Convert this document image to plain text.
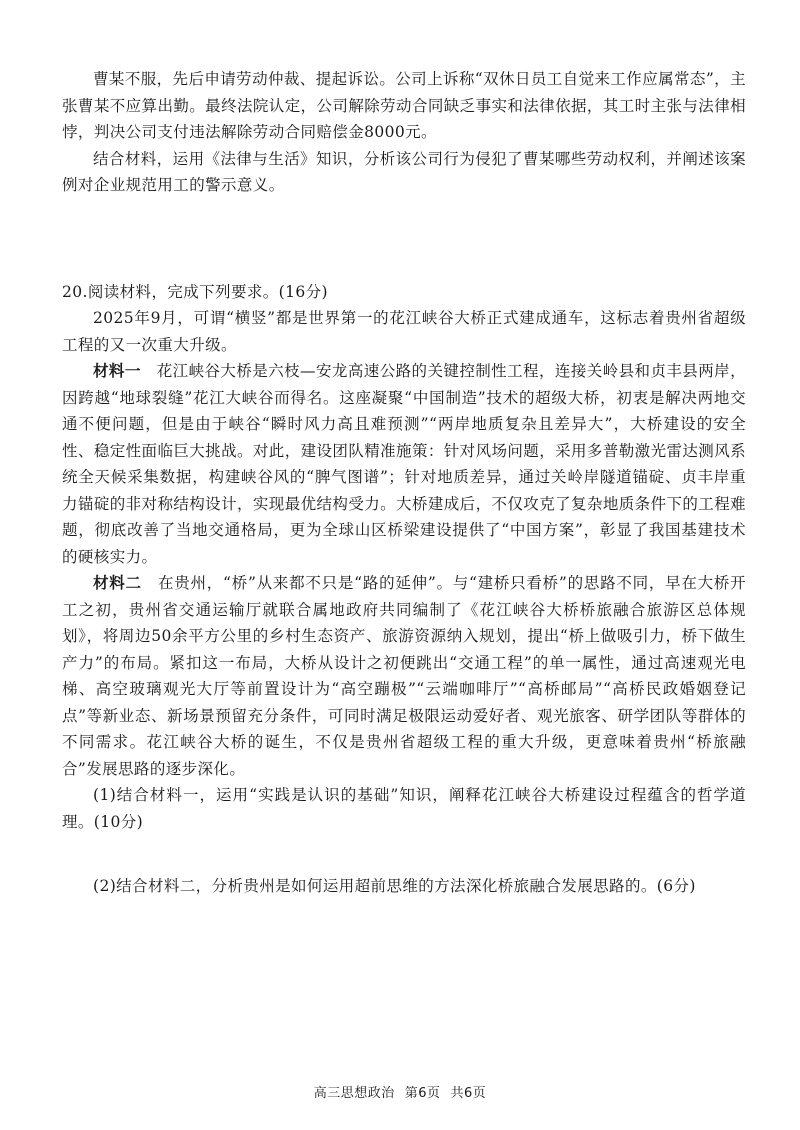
曹某不服，先后申请劳动仲裁、提起诉讼。公司上诉称“双休日员工自觉来工作应属常态”，主张曹某不应算出勤。最终法院认定，公司解除劳动合同缺乏事实和法律依据，其工时主张与法律相悖，判决公司支付违法解除劳动合同赔偿金8000元。

结合材料，运用《法律与生活》知识，分析该公司行为侵犯了曹某哪些劳动权利，并阐述该案例对企业规范用工的警示意义。

20.阅读材料，完成下列要求。(16分)

2025年9月，可谓“横竖”都是世界第一的花江峡谷大桥正式建成通车，这标志着贵州省超级工程的又一次重大升级。

材料一　 花江峡谷大桥是六枝—安龙高速公路的关键控制性工程，连接关岭县和贞丰县两岸，因跨越“地球裂缝”花江大峡谷而得名。这座凝聚“中国制造”技术的超级大桥，初衷是解决两地交通不便问题，但是由于峡谷“瞬时风力高且难预测”“两岸地质复杂且差异大”，大桥建设的安全性、稳定性面临巨大挑战。对此，建设团队精准施策：针对风场问题，采用多普勒激光雷达测风系统全天候采集数据，构建峡谷风的“脾气图谱”；针对地质差异，通过关岭岸隧道锚碇、贞丰岸重力锚碇的非对称结构设计，实现最优结构受力。大桥建成后，不仅攻克了复杂地质条件下的工程难题，彻底改善了当地交通格局，更为全球山区桥梁建设提供了“中国方案”，彰显了我国基建技术的硬核实力。

材料二　 在贵州，“桥”从来都不只是“路的延伸”。与“建桥只看桥”的思路不同，早在大桥开工之初，贵州省交通运输厅就联合属地政府共同编制了《花江峡谷大桥桥旅融合旅游区总体规划》，将周边50余平方公里的乡村生态资产、旅游资源纳入规划，提出“桥上做吸引力，桥下做生产力”的布局。紧扣这一布局，大桥从设计之初便跳出“交通工程”的单一属性，通过高速观光电梯、高空玻璃观光大厅等前置设计为“高空蹦极”“云端咖啡厅”“高桥邮局”“高桥民政婚姻登记点”等新业态、新场景预留充分条件，可同时满足极限运动爱好者、观光旅客、研学团队等群体的不同需求。花江峡谷大桥的诞生，不仅是贵州省超级工程的重大升级，更意味着贵州“桥旅融合”发展思路的逐步深化。

(1)结合材料一，运用“实践是认识的基础”知识，阐释花江峡谷大桥建设过程蕴含的哲学道理。(10分)

(2)结合材料二，分析贵州是如何运用超前思维的方法深化桥旅融合发展思路的。(6分)

高三思想政治 第6页 共6页
